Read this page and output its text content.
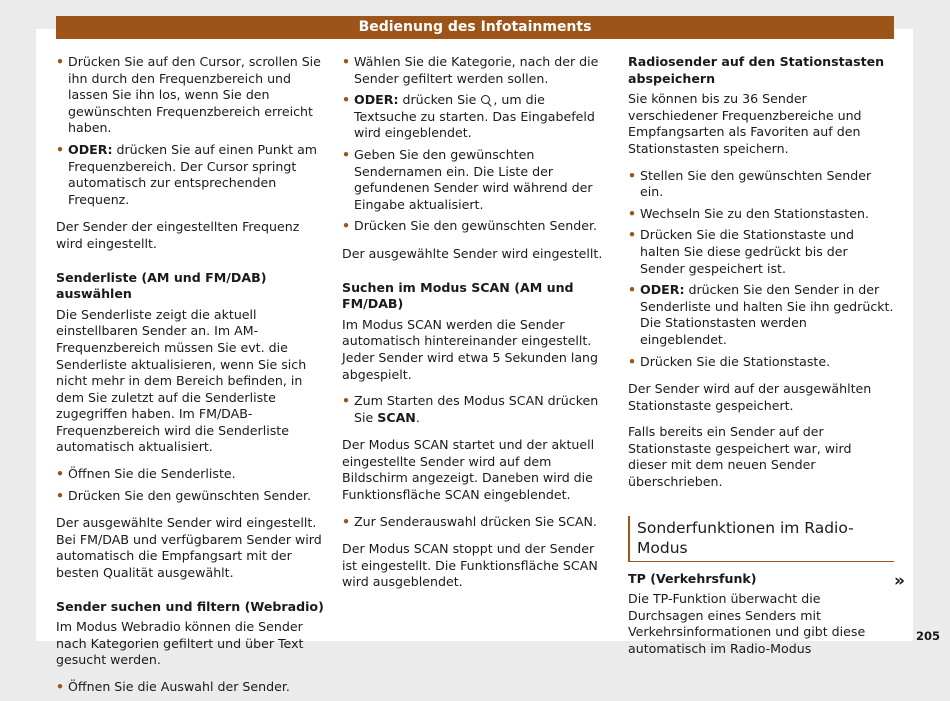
Bedienung des Infotainments
• Drücken Sie auf den Cursor, scrollen Sie ihn durch den Frequenzbereich und lassen Sie ihn los, wenn Sie den gewünschten Frequenzbereich erreicht haben.
• ODER: drücken Sie auf einen Punkt am Frequenzbereich. Der Cursor springt automatisch zur entsprechenden Frequenz.

Der Sender der eingestellten Frequenz wird eingestellt.

Senderliste (AM und FM/DAB) auswählen

Die Senderliste zeigt die aktuell einstellbaren Sender an. Im AM-Frequenzbereich müssen Sie evt. die Senderliste aktualisieren, wenn Sie sich nicht mehr in dem Bereich befinden, in dem Sie zuletzt auf die Senderliste zugegriffen haben. Im FM/DAB-Frequenzbereich wird die Senderliste automatisch aktualisiert.

• Öffnen Sie die Senderliste.
• Drücken Sie den gewünschten Sender.

Der ausgewählte Sender wird eingestellt. Bei FM/DAB und verfügbarem Sender wird automatisch die Empfangsart mit der besten Qualität ausgewählt.

Sender suchen und filtern (Webradio)

Im Modus Webradio können die Sender nach Kategorien gefiltert und über Text gesucht werden.

• Öffnen Sie die Auswahl der Sender.
• Wählen Sie die Kategorie, nach der die Sender gefiltert werden sollen.
• ODER: drücken Sie , um die Textsuche zu starten. Das Eingabefeld wird eingeblendet.
• Geben Sie den gewünschten Sendernamen ein. Die Liste der gefundenen Sender wird während der Eingabe aktualisiert.
• Drücken Sie den gewünschten Sender.

Der ausgewählte Sender wird eingestellt.

Suchen im Modus SCAN (AM und FM/DAB)

Im Modus SCAN werden die Sender automatisch hintereinander eingestellt. Jeder Sender wird etwa 5 Sekunden lang abgespielt.

• Zum Starten des Modus SCAN drücken Sie SCAN.

Der Modus SCAN startet und der aktuell eingestellte Sender wird auf dem Bildschirm angezeigt. Daneben wird die Funktionsfläche SCAN eingeblendet.

• Zur Senderauswahl drücken Sie SCAN.

Der Modus SCAN stoppt und der Sender ist eingestellt. Die Funktionsfläche SCAN wird ausgeblendet.

Radiosender auf den Stationstasten abspeichern

Sie können bis zu 36 Sender verschiedener Frequenzbereiche und Empfangsarten als Favoriten auf den Stationstasten speichern.

• Stellen Sie den gewünschten Sender ein.
• Wechseln Sie zu den Stationstasten.
• Drücken Sie die Stationstaste und halten Sie diese gedrückt bis der Sender gespeichert ist.
• ODER: drücken Sie den Sender in der Senderliste und halten Sie ihn gedrückt. Die Stationstasten werden eingeblendet.
• Drücken Sie die Stationstaste.

Der Sender wird auf der ausgewählten Stationstaste gespeichert.

Falls bereits ein Sender auf der Stationstaste gespeichert war, wird dieser mit dem neuen Sender überschrieben.

Sonderfunktionen im Radio-Modus
TP (Verkehrsfunk)

Die TP-Funktion überwacht die Durchsagen eines Senders mit Verkehrsinformationen und gibt diese automatisch im Radio-Modus

»
205
